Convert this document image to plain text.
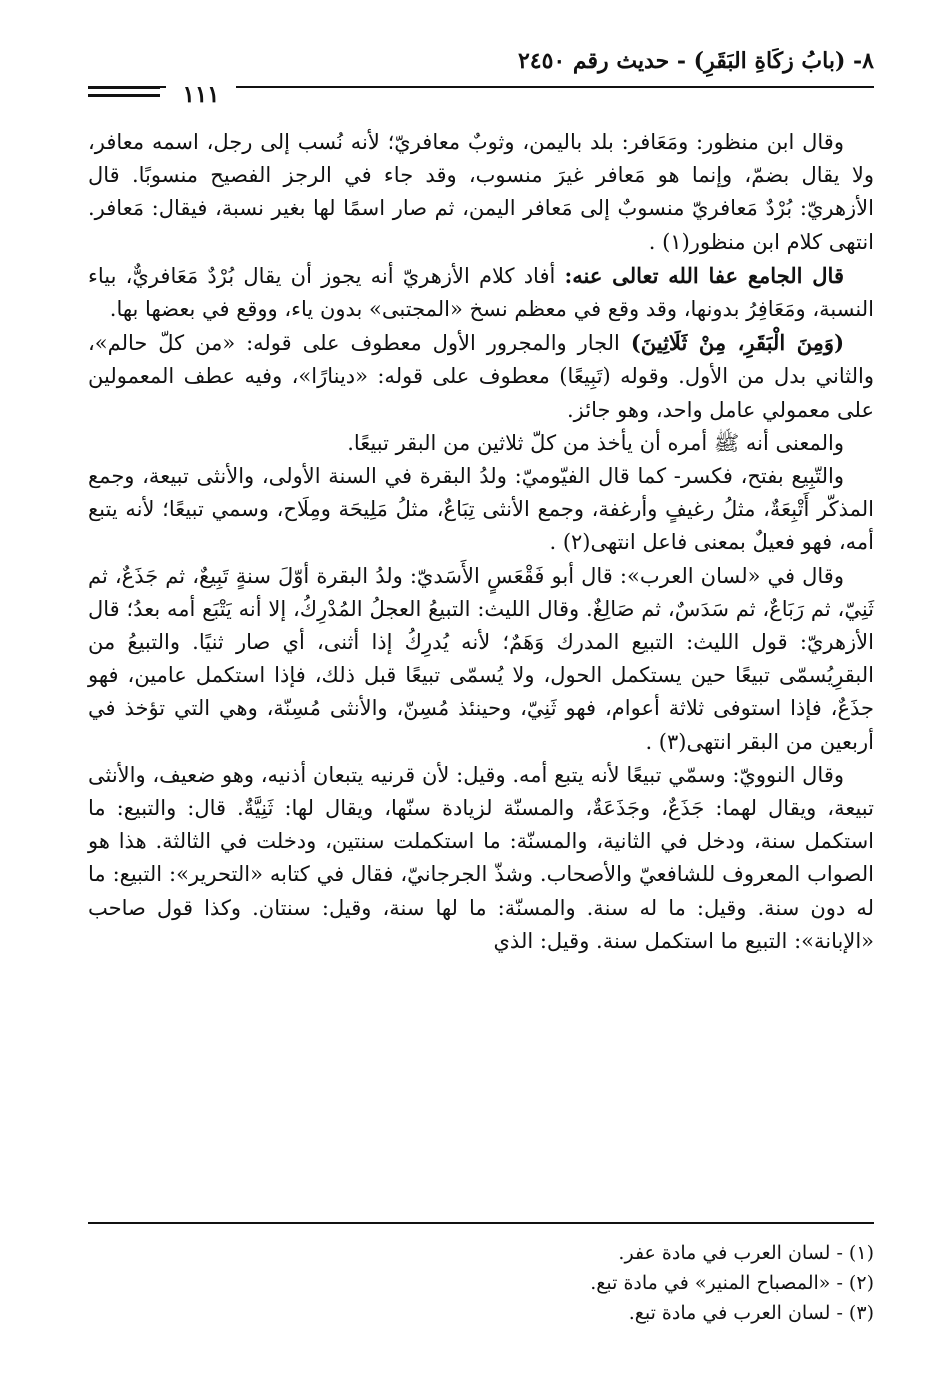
٨- (بابُ زكَاةِ البَقَرِ) - حديث رقم ٢٤٥٠
١١١

وقال ابن منظور: ومَعَافر: بلد باليمن، وثوبٌ معافريّ؛ لأنه نُسب إلى رجل، اسمه معافر، ولا يقال بضمّ، وإنما هو مَعافر غيرَ منسوب، وقد جاء في الرجز الفصيح منسوبًا. قال الأزهريّ: بُرْدٌ مَعافريّ منسوبٌ إلى مَعافر اليمن، ثم صار اسمًا لها بغير نسبة، فيقال: مَعافر. انتهى كلام ابن منظور(١) .

قال الجامع عفا الله تعالى عنه: أفاد كلام الأزهريّ أنه يجوز أن يقال بُرْدٌ مَعَافريٌّ، بياء النسبة، ومَعَافِرُ بدونها، وقد وقع في معظم نسخ «المجتبى» بدون ياء، ووقع في بعضها بها.

(وَمِنَ الْبَقَرِ، مِنْ ثَلَاثِينَ) الجار والمجرور الأول معطوف على قوله: «من كلّ حالم»، والثاني بدل من الأول. وقوله (تَبِيعًا) معطوف على قوله: «دينارًا»، وفيه عطف المعمولين على معمولي عامل واحد، وهو جائز.

والمعنى أنه ﷺ أمره أن يأخذ من كلّ ثلاثين من البقر تبيعًا.

والتّبِيع بفتح، فكسر- كما قال الفيّوميّ: ولدُ البقرة في السنة الأولى، والأنثى تبيعة، وجمع المذكّر أَتْبِعَةٌ، مثلُ رغيفٍ وأرغفة، وجمع الأنثى تِبَاعٌ، مثلُ مَلِيحَة ومِلَاح، وسمي تبيعًا؛ لأنه يتبع أمه، فهو فعيلٌ بمعنى فاعل انتهى(٢) .

وقال في «لسان العرب»: قال أبو فَقْعَسٍ الأَسَديّ: ولدُ البقرة أوّلَ سنةٍ تَبِيعٌ، ثم جَذَعٌ، ثم ثَنِيّ، ثم رَبَاعٌ، ثم سَدَسٌ، ثم صَالِغٌ. وقال الليث: التبيعُ العجلُ المُدْرِكُ، إلا أنه يَتْبَع أمه بعدُ؛ قال الأزهريّ: قول الليث: التبيع المدرك وَهَمٌ؛ لأنه يُدرِكُ إذا أثنى، أي صار ثنيًا. والتبيعُ من البقرِيُسمّى تبيعًا حين يستكمل الحول، ولا يُسمّى تبيعًا قبل ذلك، فإذا استكمل عامين، فهو جذَعٌ، فإذا استوفى ثلاثة أعوام، فهو ثَنِيّ، وحينئذ مُسِنّ، والأنثى مُسِنّة، وهي التي تؤخذ في أربعين من البقر انتهى(٣) .

وقال النوويّ: وسمّي تبيعًا لأنه يتبع أمه. وقيل: لأن قرنيه يتبعان أذنيه، وهو ضعيف، والأنثى تبيعة، ويقال لهما: جَذَعٌ، وجَذَعَةٌ، والمسنّة لزيادة سنّها، ويقال لها: ثَنِيَّةٌ. قال: والتبيع: ما استكمل سنة، ودخل في الثانية، والمسنّة: ما استكملت سنتين، ودخلت في الثالثة. هذا هو الصواب المعروف للشافعيّ والأصحاب. وشذّ الجرجانيّ، فقال في كتابه «التحرير»: التبيع: ما له دون سنة. وقيل: ما له سنة. والمسنّة: ما لها سنة، وقيل: سنتان. وكذا قول صاحب «الإبانة»: التبيع ما استكمل سنة. وقيل: الذي

(١) - لسان العرب في مادة عفر.
(٢) - «المصباح المنير» في مادة تبع.
(٣) - لسان العرب في مادة تبع.
